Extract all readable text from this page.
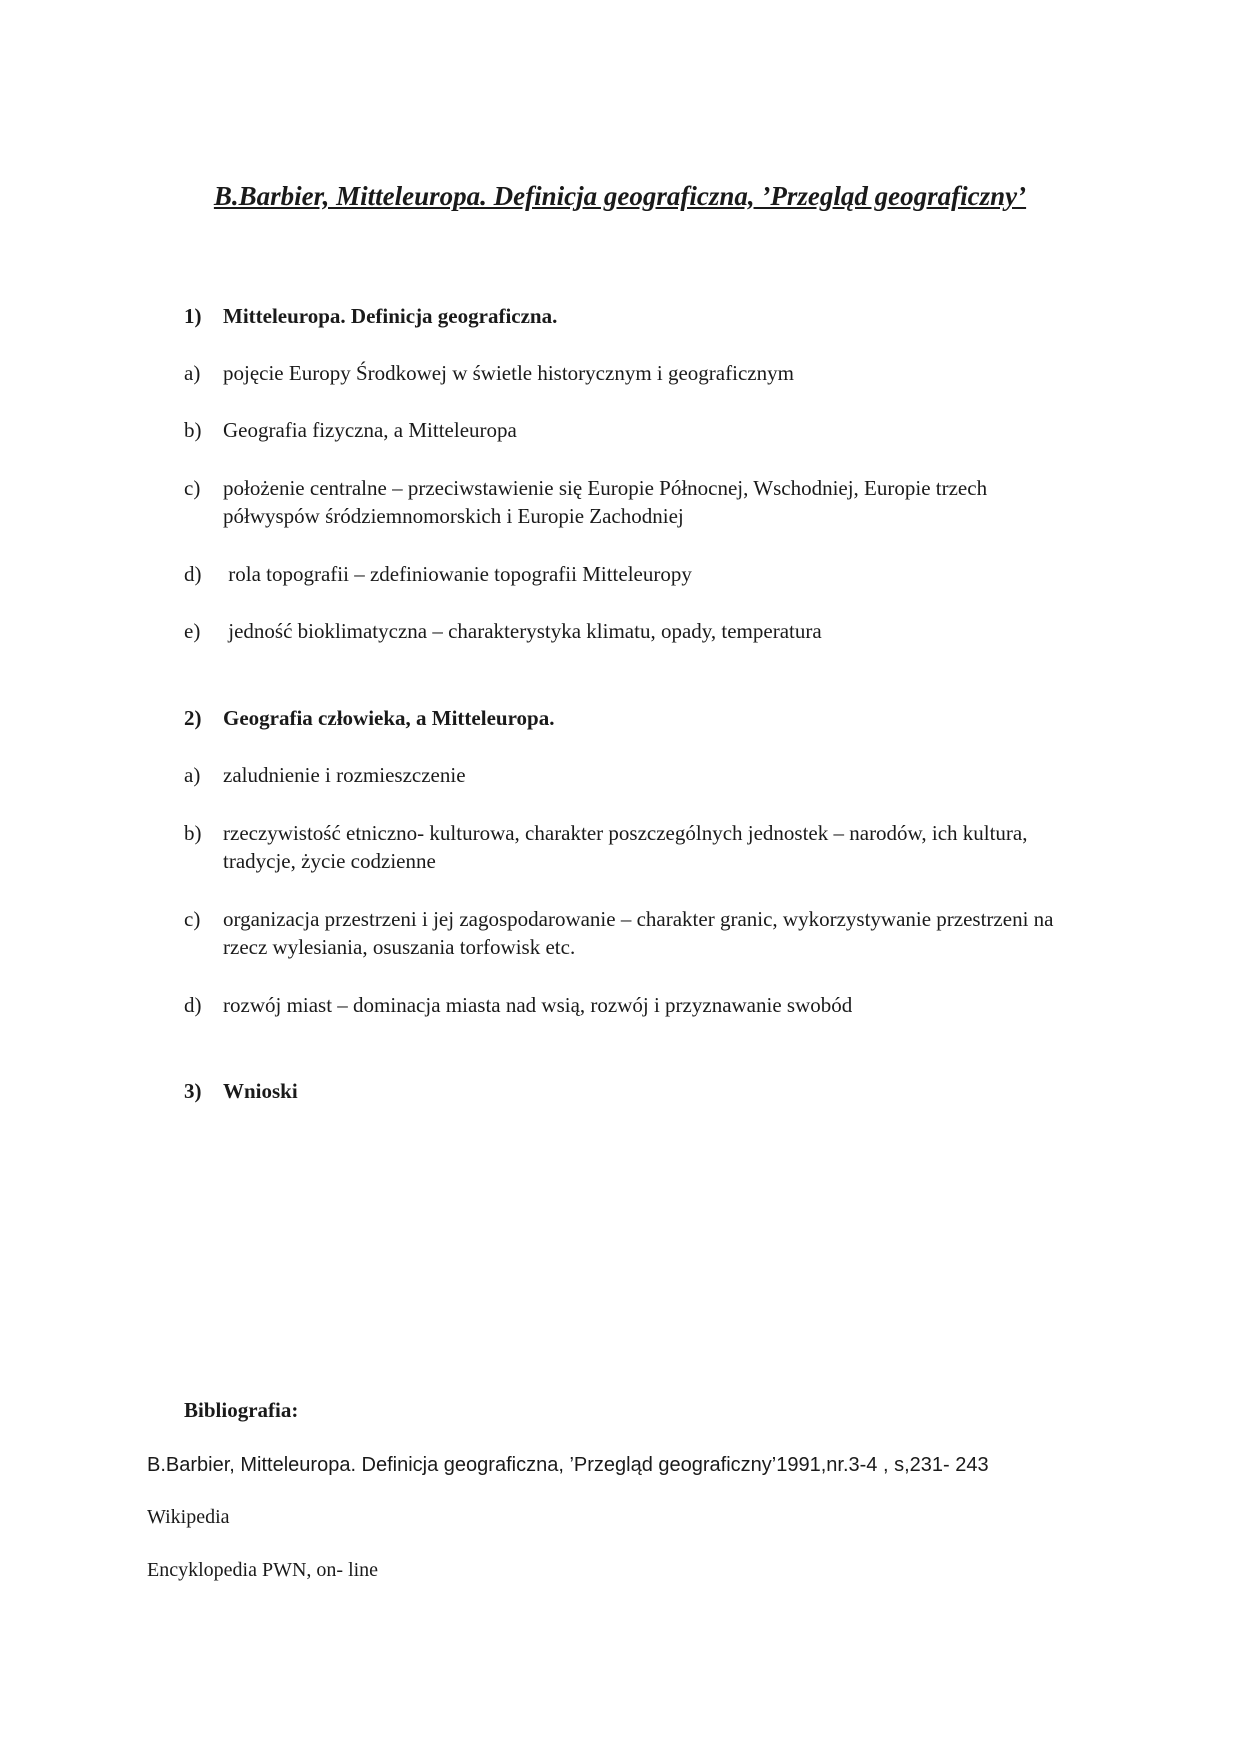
B.Barbier, Mitteleuropa. Definicja geograficzna, ’Przegląd geograficzny’
1) Mitteleuropa. Definicja geograficzna.
a) pojęcie Europy Środkowej w świetle historycznym i geograficznym
b) Geografia fizyczna, a Mitteleuropa
c) położenie centralne – przeciwstawienie się Europie Północnej, Wschodniej, Europie trzech półwyspów śródziemnomorskich i Europie Zachodniej
d) rola topografii – zdefiniowanie topografii Mitteleuropy
e) jedność bioklimatyczna – charakterystyka klimatu, opady, temperatura
2) Geografia człowieka, a Mitteleuropa.
a) zaludnienie i rozmieszczenie
b) rzeczywistość etniczno- kulturowa, charakter poszczególnych jednostek – narodów, ich kultura, tradycje, życie codzienne
c) organizacja przestrzeni i jej zagospodarowanie – charakter granic, wykorzystywanie przestrzeni na rzecz wylesiania, osuszania torfowisk etc.
d) rozwój miast – dominacja miasta nad wsią, rozwój i przyznawanie swobód
3) Wnioski
Bibliografia:
B.Barbier, Mitteleuropa. Definicja geograficzna, ’Przegląd geograficzny’1991,nr.3-4 , s,231- 243
Wikipedia
Encyklopedia PWN, on- line
